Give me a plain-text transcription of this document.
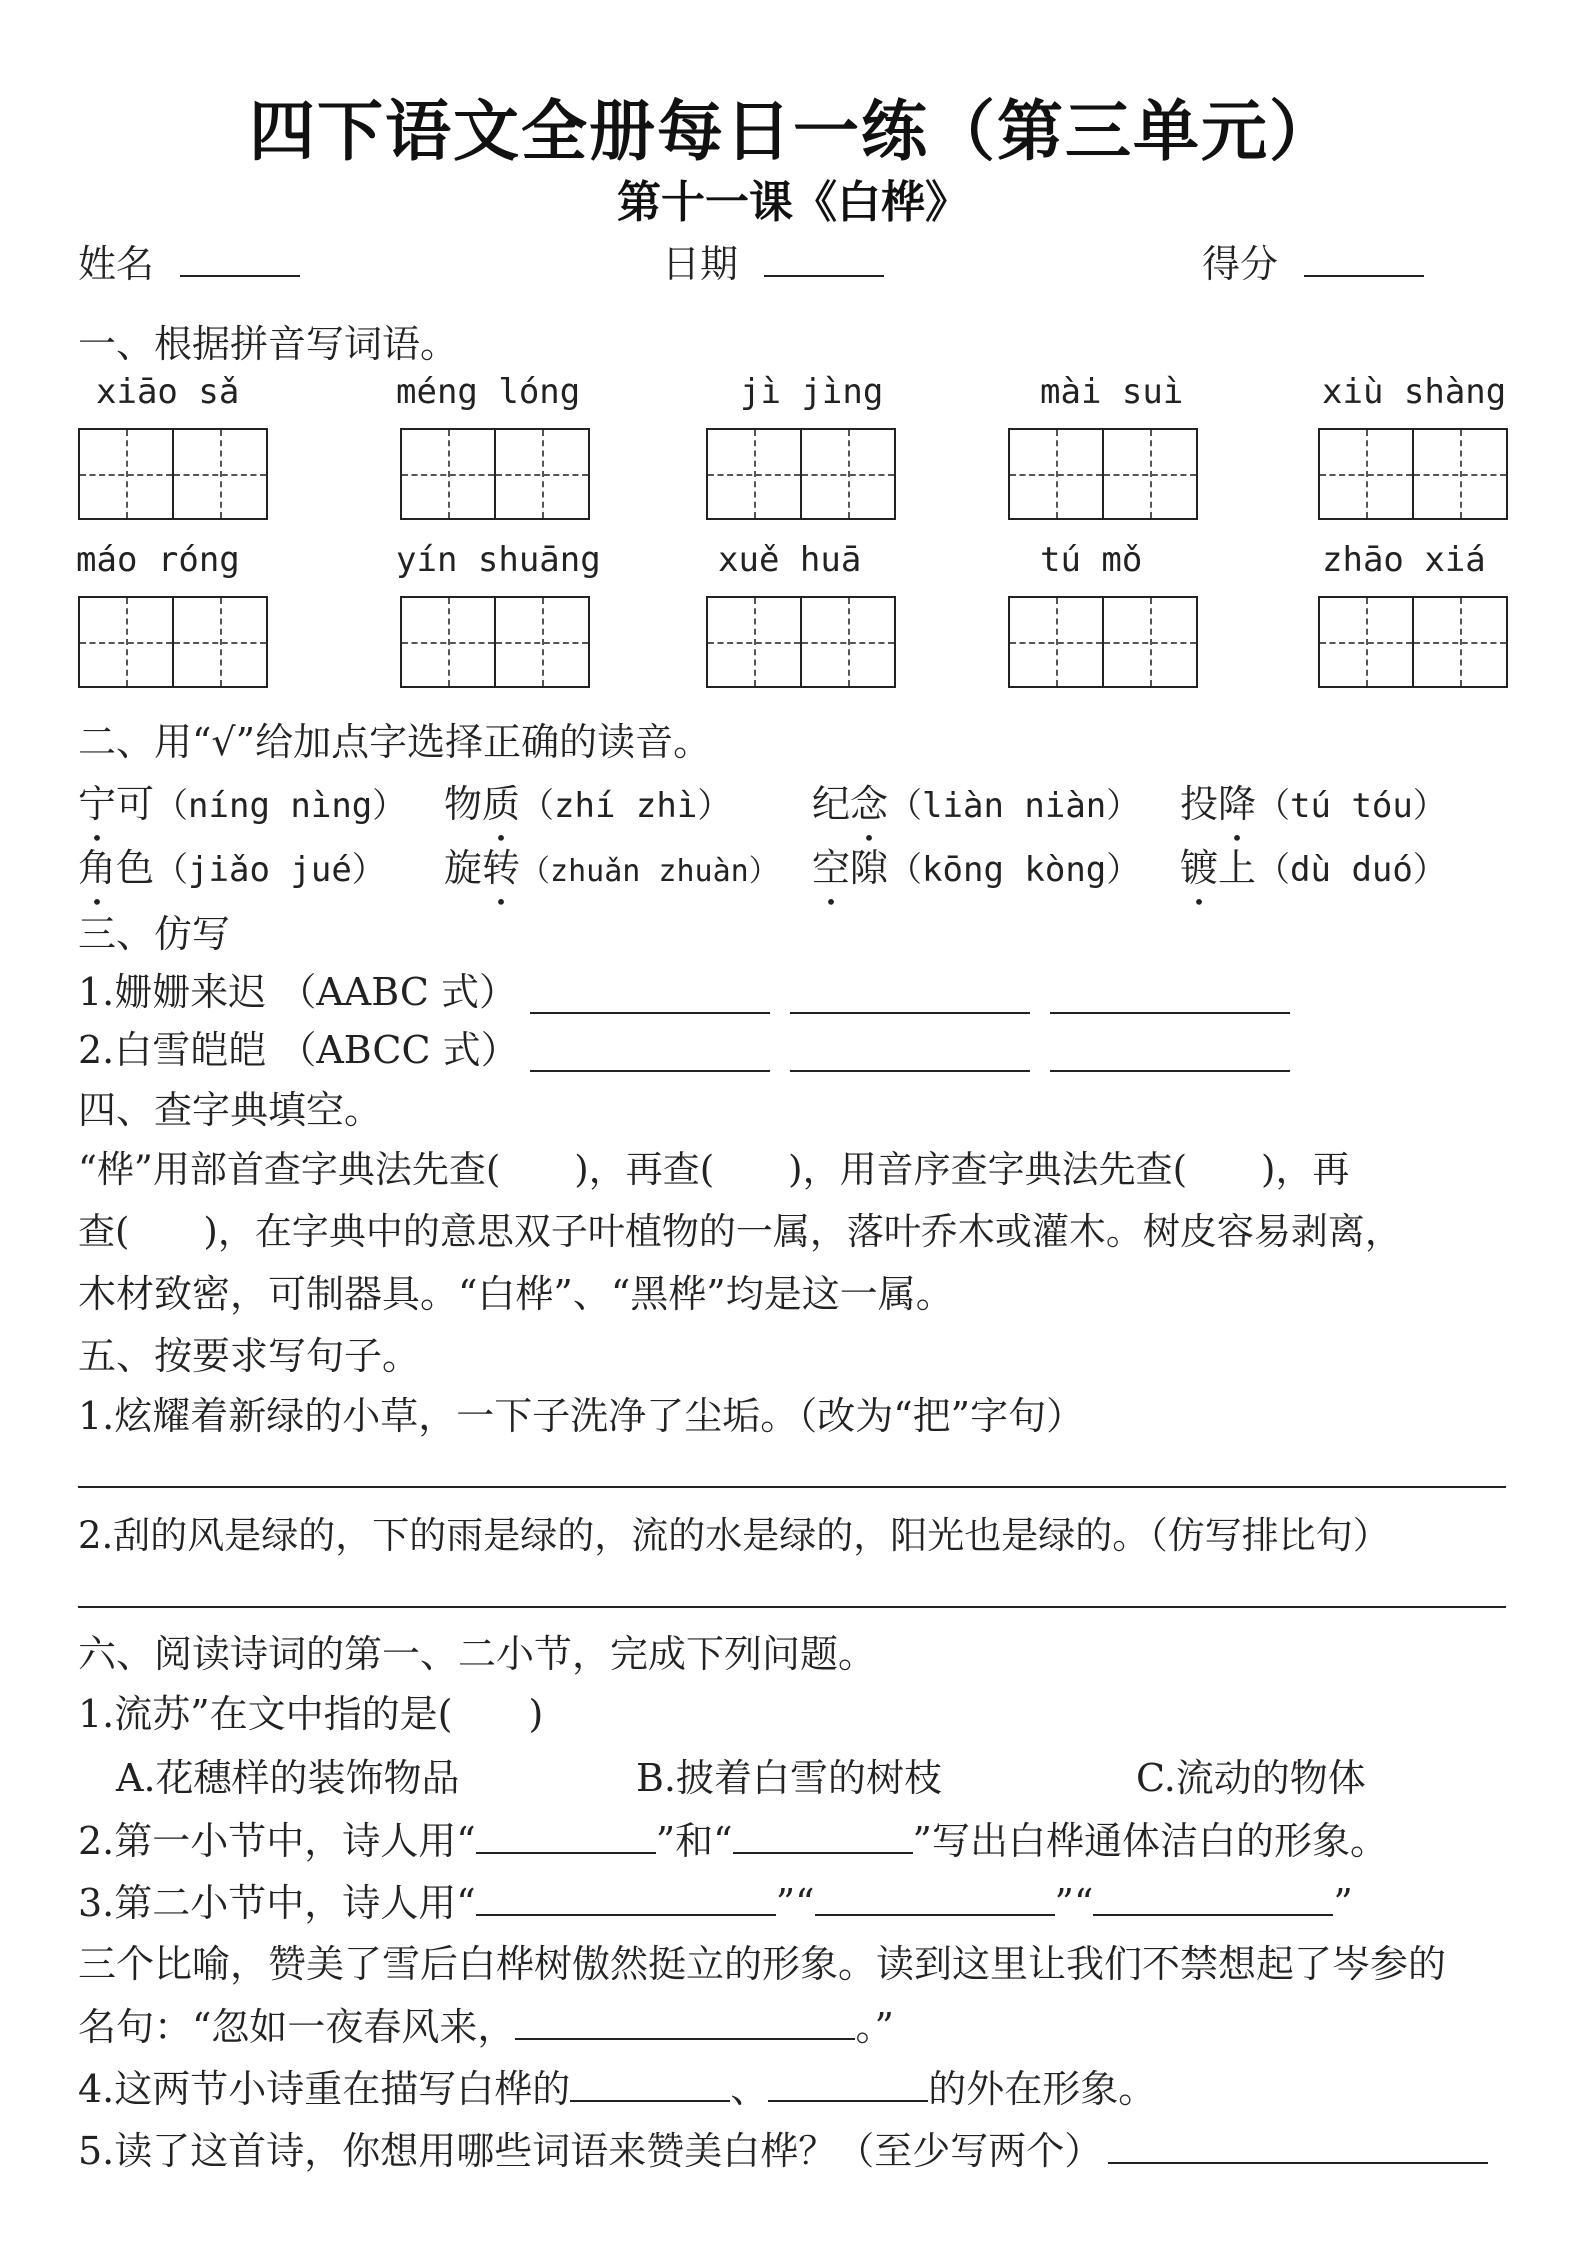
四下语文全册每日一练（第三单元）
第十一课《白桦》
姓名	日期	得分
一、根据拼音写词语。
xiāo sǎ	méng lóng	jì jìng	mài suì	xiù shàng
máo róng	yín shuāng	xuě huā	tú mǒ	zhāo xiá
二、用“√”给加点字选择正确的读音。
宁可（níng nìng） 物质（zhí zhì） 纪念（liàn niàn） 投降（tú tóu）
角色（jiǎo jué） 旋转（zhuǎn zhuàn） 空隙（kōng kòng） 镀上（dù duó）
三、仿写
1.姗姗来迟 （AABC 式）
2.白雪皑皑 （ABCC 式）
四、查字典填空。
“桦”用部首查字典法先查(　　)，再查(　　)，用音序查字典法先查(　　)，再
查(　　)，在字典中的意思双子叶植物的一属，落叶乔木或灌木。树皮容易剥离，
木材致密，可制器具。“白桦”、“黑桦”均是这一属。
五、按要求写句子。
1.炫耀着新绿的小草，一下子洗净了尘垢。（改为“把”字句）
2.刮的风是绿的，下的雨是绿的，流的水是绿的，阳光也是绿的。（仿写排比句）
六、阅读诗词的第一、二小节，完成下列问题。
1.流苏”在文中指的是(　　)
A.花穗样的装饰物品	B.披着白雪的树枝	C.流动的物体
2.第一小节中，诗人用“	”和“	”写出白桦通体洁白的形象。
3.第二小节中，诗人用“	”“	”“	”
三个比喻，赞美了雪后白桦树傲然挺立的形象。读到这里让我们不禁想起了岑参的
名句：“忽如一夜春风来，	。”
4.这两节小诗重在描写白桦的	、	的外在形象。
5.读了这首诗，你想用哪些词语来赞美白桦？（至少写两个）
